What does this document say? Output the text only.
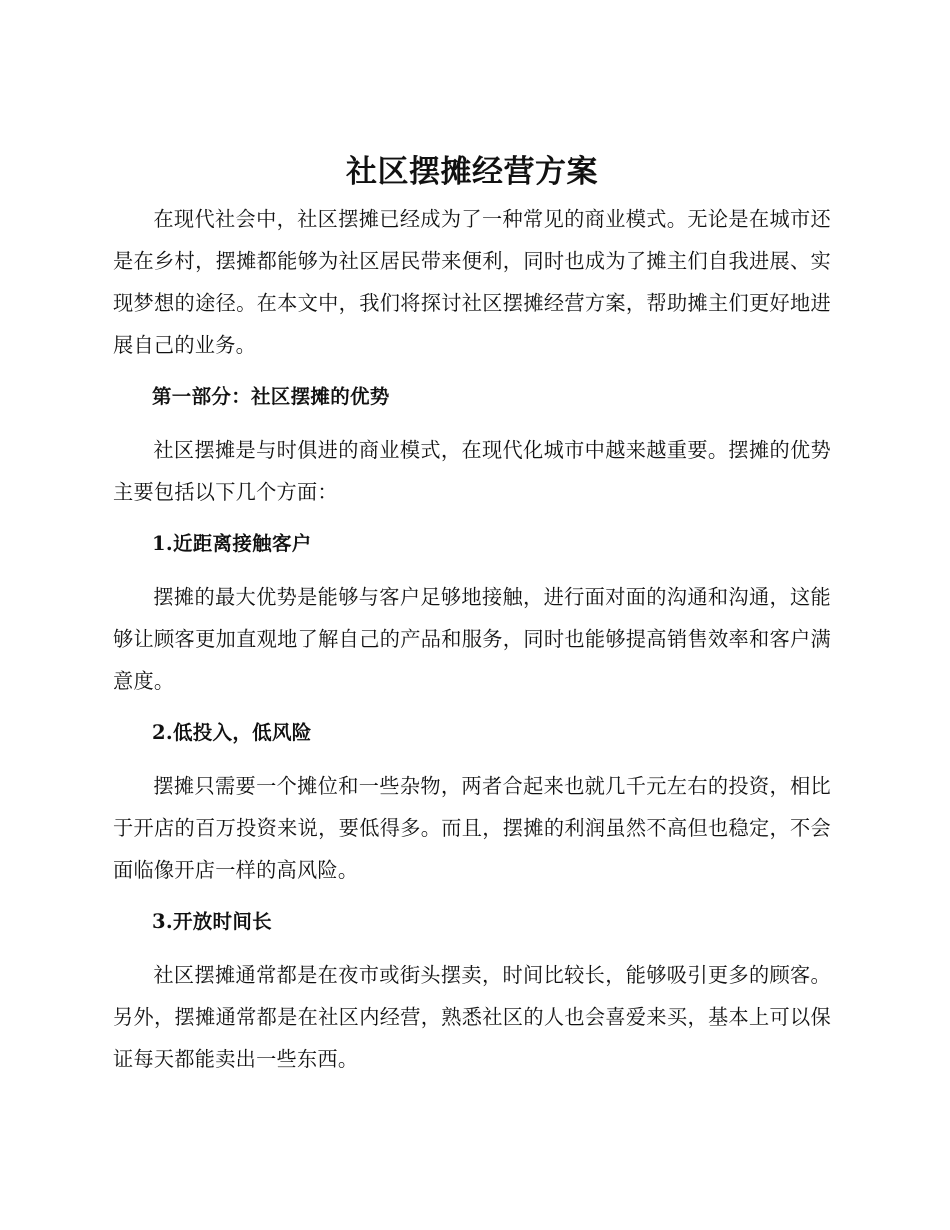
社区摆摊经营方案

在现代社会中，社区摆摊已经成为了一种常见的商业模式。无论是在城市还是在乡村，摆摊都能够为社区居民带来便利，同时也成为了摊主们自我进展、实现梦想的途径。在本文中，我们将探讨社区摆摊经营方案，帮助摊主们更好地进展自己的业务。

第一部分：社区摆摊的优势

社区摆摊是与时俱进的商业模式，在现代化城市中越来越重要。摆摊的优势主要包括以下几个方面：

1.近距离接触客户

摆摊的最大优势是能够与客户足够地接触，进行面对面的沟通和沟通，这能够让顾客更加直观地了解自己的产品和服务，同时也能够提高销售效率和客户满意度。

2.低投入，低风险

摆摊只需要一个摊位和一些杂物，两者合起来也就几千元左右的投资，相比于开店的百万投资来说，要低得多。而且，摆摊的利润虽然不高但也稳定，不会面临像开店一样的高风险。

3.开放时间长

社区摆摊通常都是在夜市或街头摆卖，时间比较长，能够吸引更多的顾客。另外，摆摊通常都是在社区内经营，熟悉社区的人也会喜爱来买，基本上可以保证每天都能卖出一些东西。
